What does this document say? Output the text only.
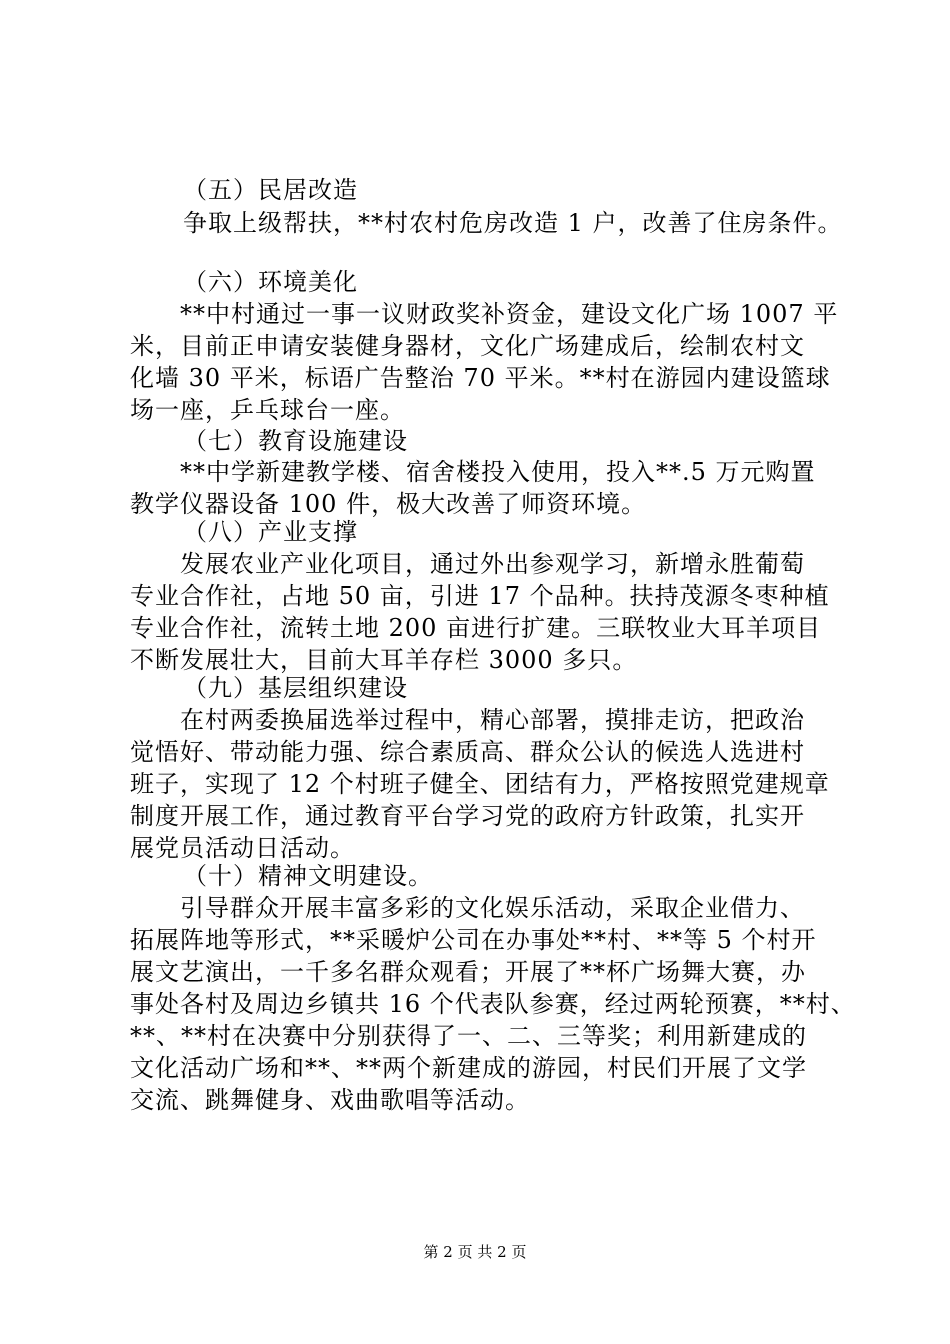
（五）民居改造
争取上级帮扶，**村农村危房改造 1 户，改善了住房条件。
（六）环境美化
**中村通过一事一议财政奖补资金，建设文化广场 1007 平
米，目前正申请安装健身器材，文化广场建成后，绘制农村文
化墙 30 平米，标语广告整治 70 平米。**村在游园内建设篮球
场一座，乒乓球台一座。
（七）教育设施建设
**中学新建教学楼、宿舍楼投入使用，投入**.5 万元购置
教学仪器设备 100 件，极大改善了师资环境。
（八）产业支撑
发展农业产业化项目，通过外出参观学习，新增永胜葡萄
专业合作社，占地 50 亩，引进 17 个品种。扶持茂源冬枣种植
专业合作社，流转土地 200 亩进行扩建。三联牧业大耳羊项目
不断发展壮大，目前大耳羊存栏 3000 多只。
（九）基层组织建设
在村两委换届选举过程中，精心部署，摸排走访，把政治
觉悟好、带动能力强、综合素质高、群众公认的候选人选进村
班子，实现了 12 个村班子健全、团结有力，严格按照党建规章
制度开展工作，通过教育平台学习党的政府方针政策，扎实开
展党员活动日活动。
（十）精神文明建设。
引导群众开展丰富多彩的文化娱乐活动，采取企业借力、
拓展阵地等形式，**采暖炉公司在办事处**村、**等 5 个村开
展文艺演出，一千多名群众观看；开展了**杯广场舞大赛，办
事处各村及周边乡镇共 16 个代表队参赛，经过两轮预赛，**村、
**、**村在决赛中分别获得了一、二、三等奖；利用新建成的
文化活动广场和**、**两个新建成的游园，村民们开展了文学
交流、跳舞健身、戏曲歌唱等活动。
第 2 页 共 2 页
